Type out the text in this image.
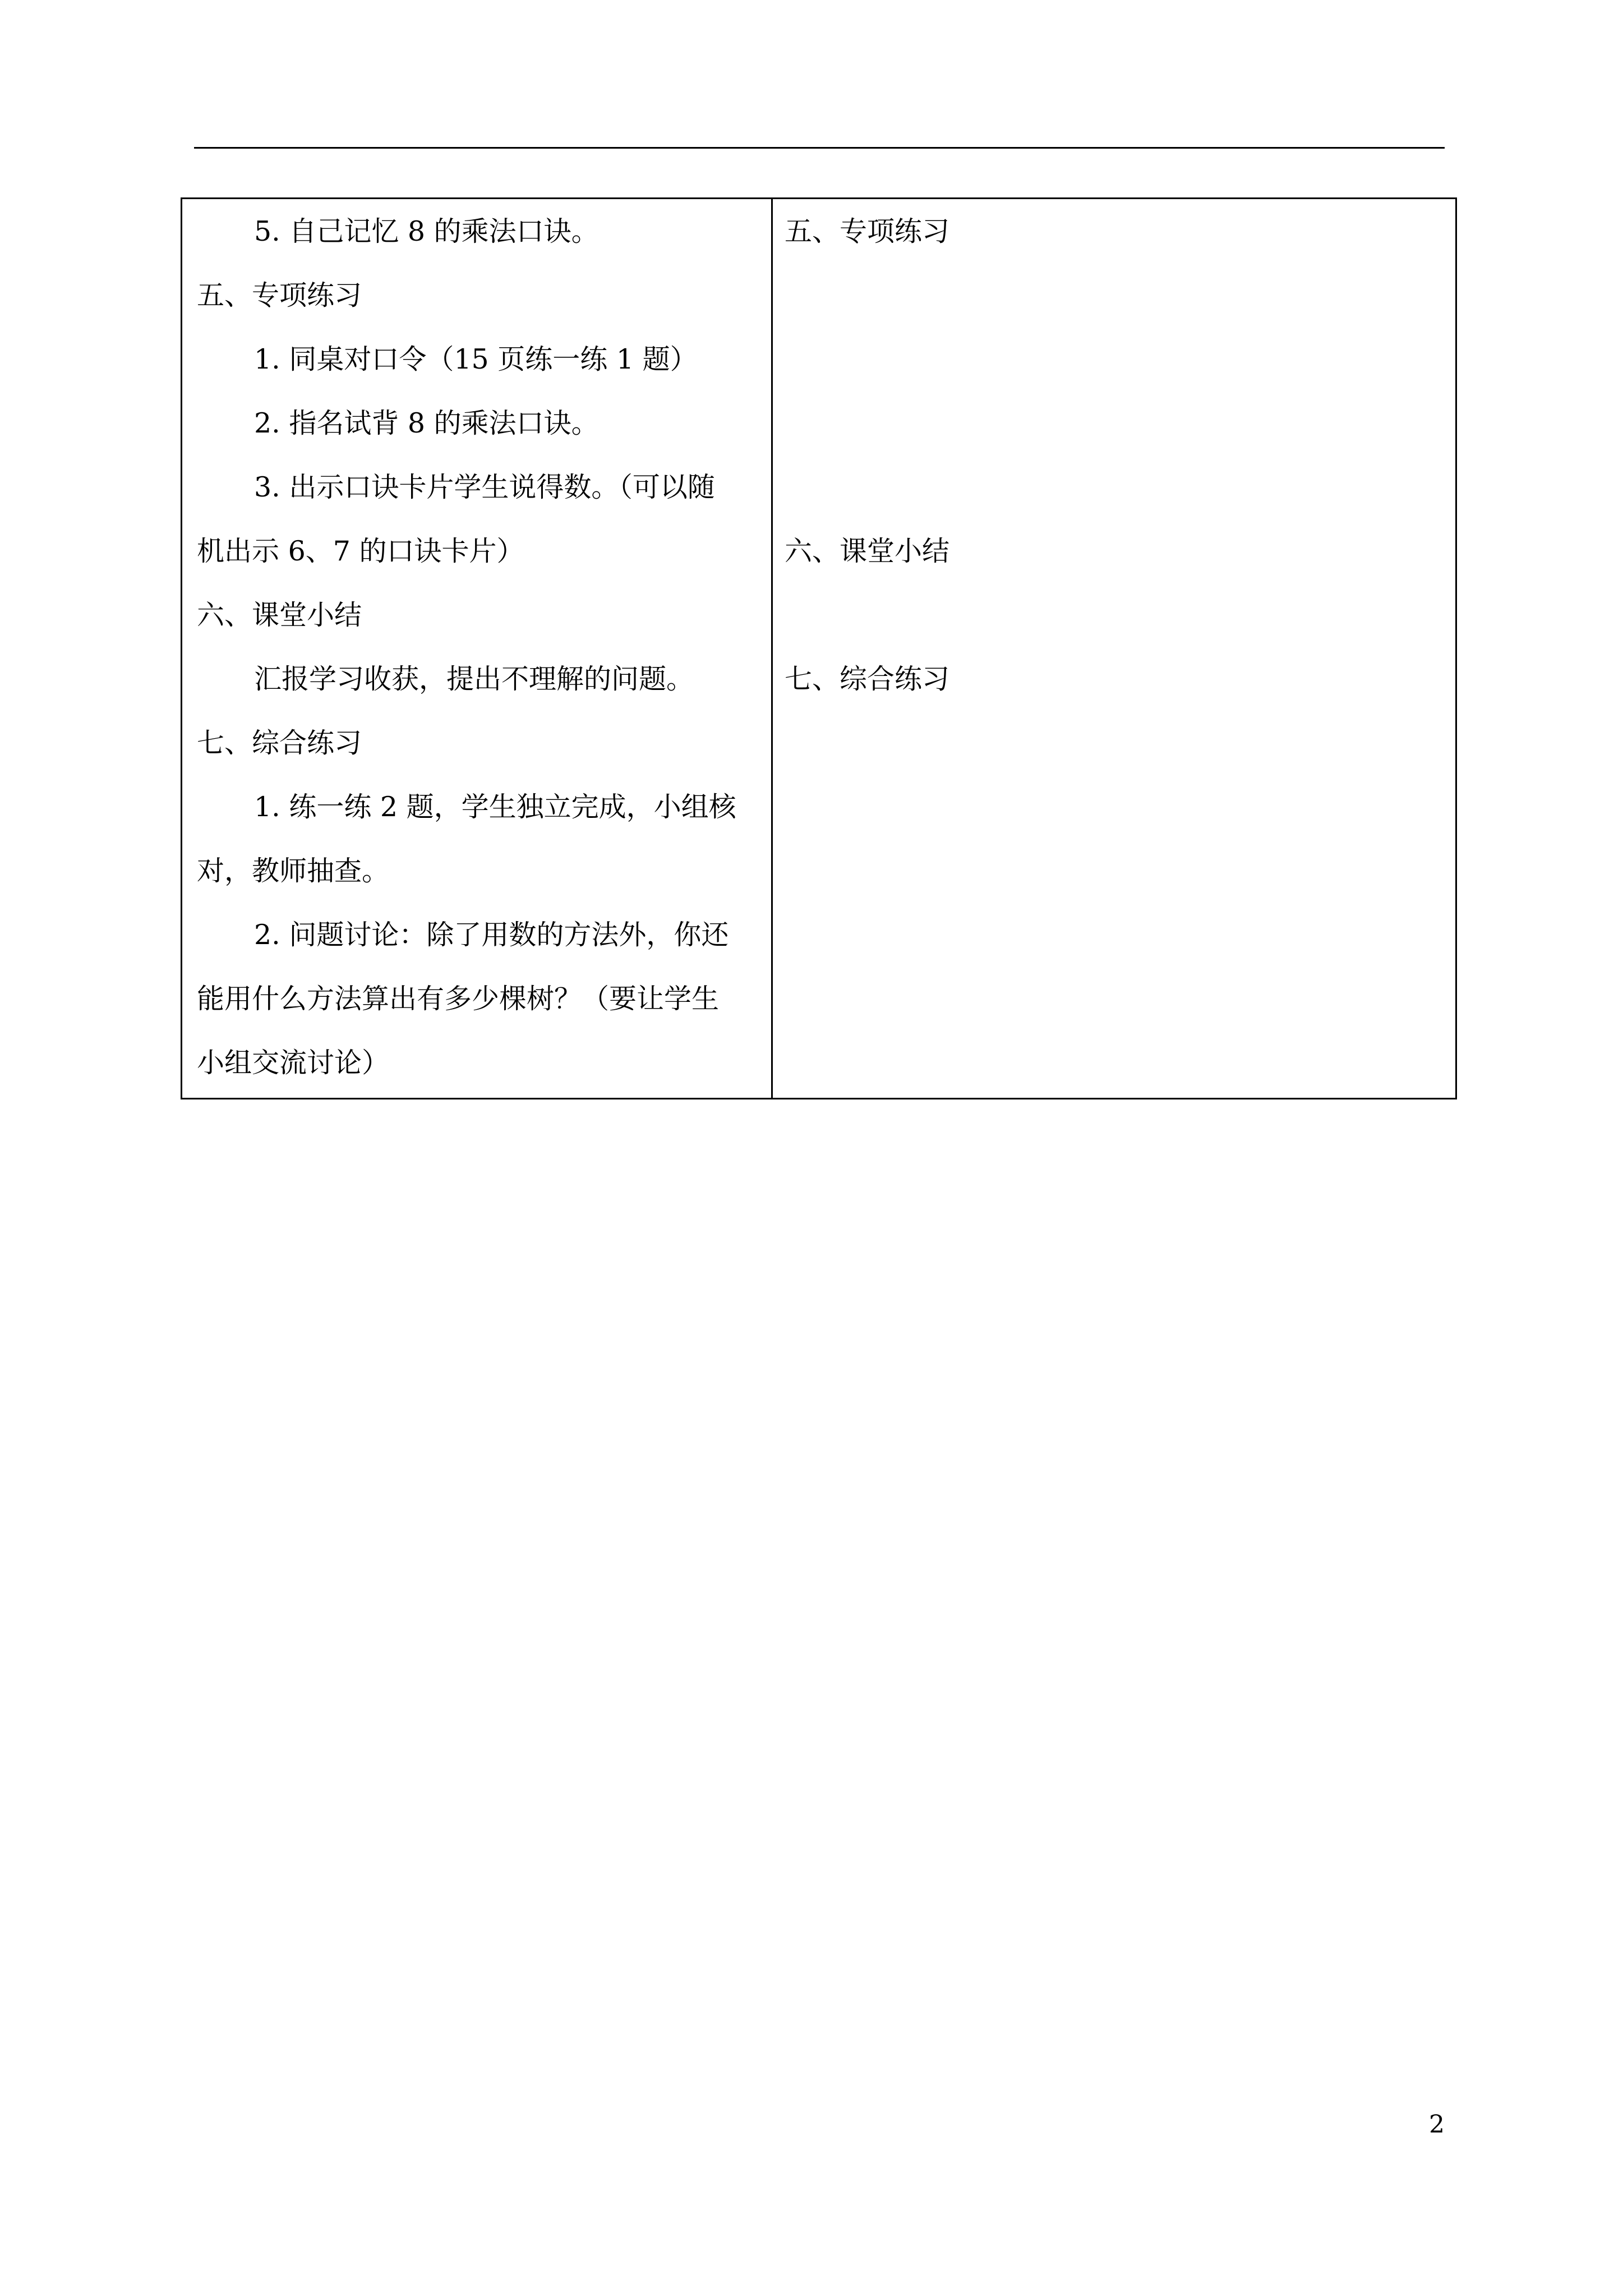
5. 自己记忆 8 的乘法口诀。
五、专项练习
1. 同桌对口令（15 页练一练 1 题）
2. 指名试背 8 的乘法口诀。
3. 出示口诀卡片学生说得数。（可以随
机出示 6、7 的口诀卡片）
六、课堂小结
汇报学习收获，提出不理解的问题。
七、综合练习
1. 练一练 2 题，学生独立完成，小组核
对，教师抽查。
2. 问题讨论：除了用数的方法外，你还
能用什么方法算出有多少棵树？（要让学生
小组交流讨论）
五、专项练习
六、课堂小结
七、综合练习
2
